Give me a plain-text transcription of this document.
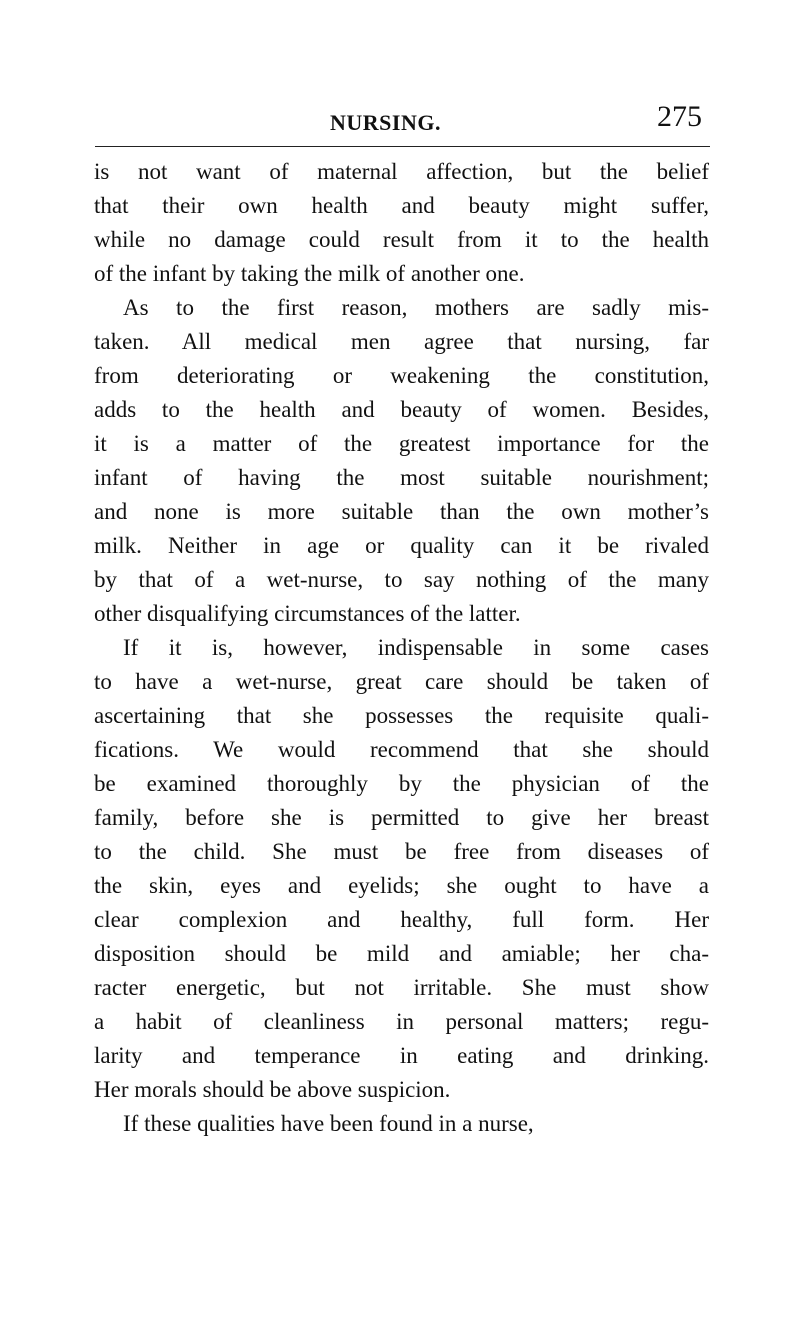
NURSING.	275
is not want of maternal affection, but the belief
that their own health and beauty might suffer,
while no damage could result from it to the health
of the infant by taking the milk of another one.
As to the first reason, mothers are sadly mis-
taken. All medical men agree that nursing, far
from deteriorating or weakening the constitution,
adds to the health and beauty of women. Besides,
it is a matter of the greatest importance for the
infant of having the most suitable nourishment;
and none is more suitable than the own mother’s
milk. Neither in age or quality can it be rivaled
by that of a wet-nurse, to say nothing of the many
other disqualifying circumstances of the latter.
If it is, however, indispensable in some cases
to have a wet-nurse, great care should be taken of
ascertaining that she possesses the requisite quali-
fications. We would recommend that she should
be examined thoroughly by the physician of the
family, before she is permitted to give her breast
to the child. She must be free from diseases of
the skin, eyes and eyelids; she ought to have a
clear complexion and healthy, full form. Her
disposition should be mild and amiable; her cha-
racter energetic, but not irritable. She must show
a habit of cleanliness in personal matters; regu-
larity and temperance in eating and drinking.
Her morals should be above suspicion.
If these qualities have been found in a nurse,
